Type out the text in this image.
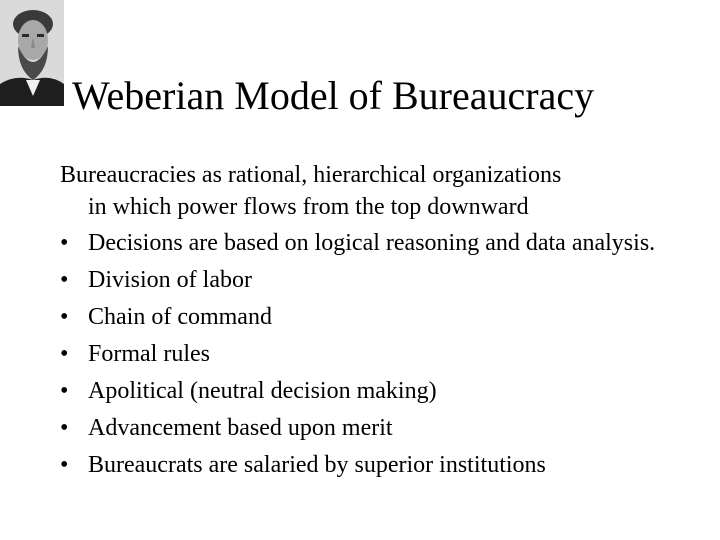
Weberian Model of Bureaucracy
Bureaucracies as rational, hierarchical organizations
in which power flows from the top downward
• Decisions are based on logical reasoning and data analysis.
• Division of labor
• Chain of command
• Formal rules
• Apolitical (neutral decision making)
• Advancement based upon merit
• Bureaucrats are salaried by superior institutions
